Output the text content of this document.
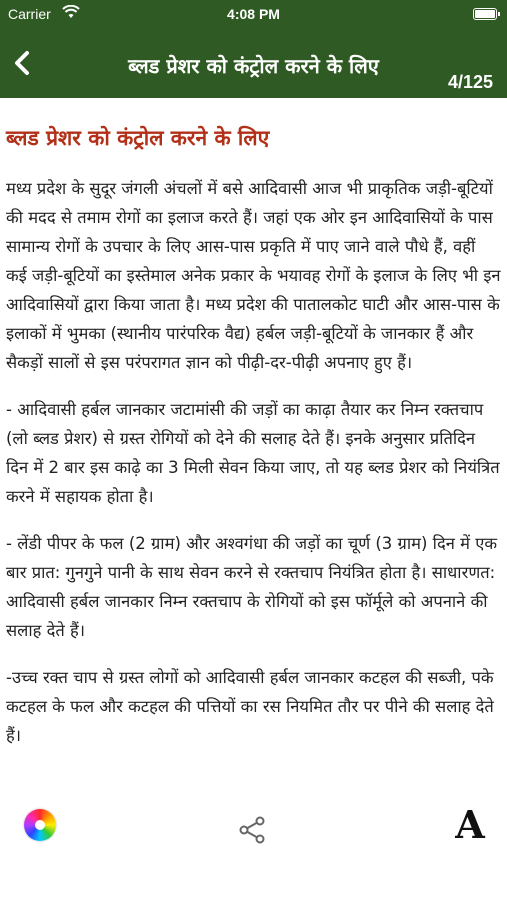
Carrier	4:08 PM
ब्लड प्रेशर को कंट्रोल करने के लिए
4/125
ब्लड प्रेशर को कंट्रोल करने के लिए
मध्य प्रदेश के सुदूर जंगली अंचलों में बसे आदिवासी आज भी प्राकृतिक जड़ी-बूटियों की मदद से तमाम रोगों का इलाज करते हैं। जहां एक ओर इन आदिवासियों के पास सामान्य रोगों के उपचार के लिए आस-पास प्रकृति में पाए जाने वाले पौधे हैं, वहीं कई जड़ी-बूटियों का इस्तेमाल अनेक प्रकार के भयावह रोगों के इलाज के लिए भी इन आदिवासियों द्वारा किया जाता है। मध्य प्रदेश की पातालकोट घाटी और आस-पास के इलाकों में भुमका (स्थानीय पारंपरिक वैद्य) हर्बल जड़ी-बूटियों के जानकार हैं और सैकड़ों सालों से इस परंपरागत ज्ञान को पीढ़ी-दर-पीढ़ी अपनाए हुए हैं।
- आदिवासी हर्बल जानकार जटामांसी की जड़ों का काढ़ा तैयार कर निम्न रक्तचाप (लो ब्लड प्रेशर) से ग्रस्त रोगियों को देने की सलाह देते हैं। इनके अनुसार प्रतिदिन दिन में 2 बार इस काढ़े का 3 मिली सेवन किया जाए, तो यह ब्लड प्रेशर को नियंत्रित करने में सहायक होता है।
- लेंडी पीपर के फल (2 ग्राम) और अश्वगंधा की जड़ों का चूर्ण (3 ग्राम) दिन में एक बार प्रात: गुनगुने पानी के साथ सेवन करने से रक्तचाप नियंत्रित होता है। साधारणत: आदिवासी हर्बल जानकार निम्न रक्तचाप के रोगियों को इस फॉर्मूले को अपनाने की सलाह देते हैं।
-उच्च रक्त चाप से ग्रस्त लोगों को आदिवासी हर्बल जानकार कटहल की सब्जी, पके कटहल के फल और कटहल की पत्तियों का रस नियमित तौर पर पीने की सलाह देते हैं।
A
